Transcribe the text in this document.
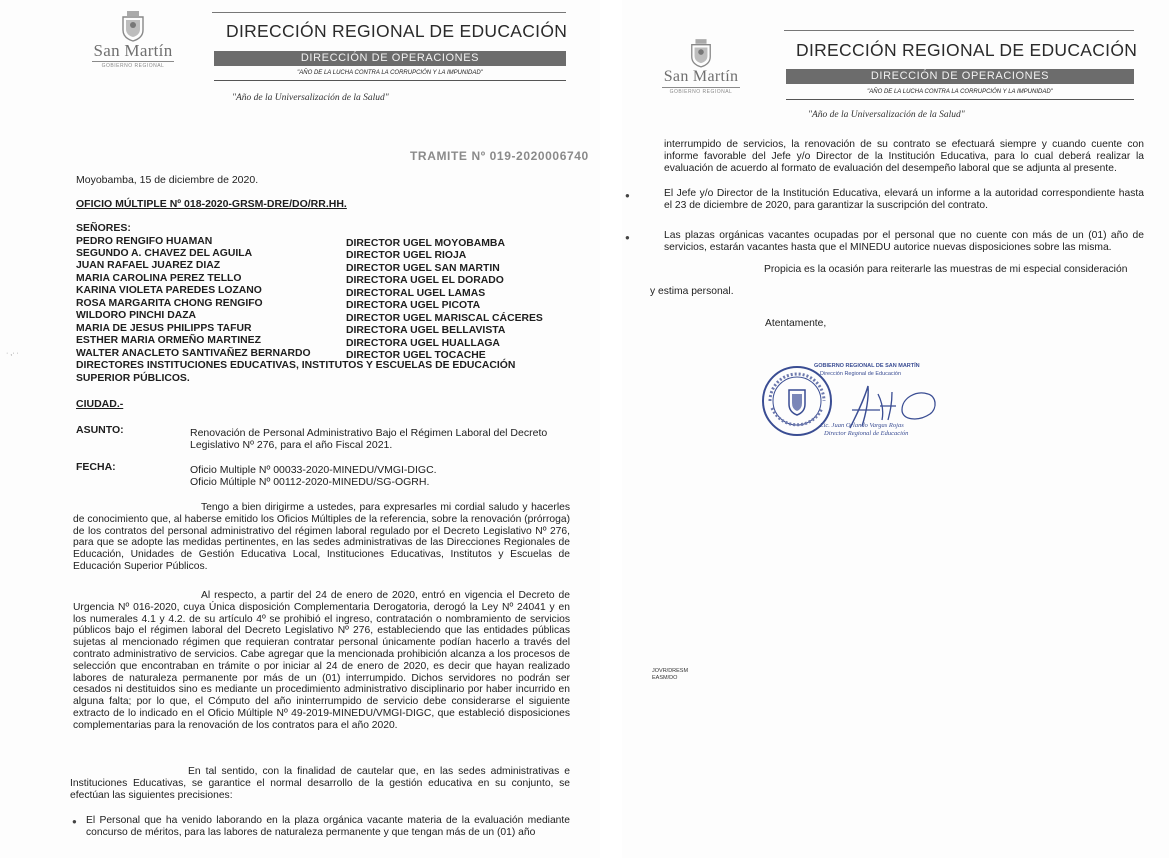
San Martín
GOBIERNO REGIONAL
DIRECCIÓN REGIONAL DE EDUCACIÓN
DIRECCIÓN DE OPERACIONES
"AÑO DE LA LUCHA CONTRA LA CORRUPCIÓN Y LA IMPUNIDAD"
"Año de la Universalización de la Salud"
TRAMITE Nº 019-2020006740
Moyobamba, 15 de diciembre de 2020.
OFICIO MÚLTIPLE Nº 018-2020-GRSM-DRE/DO/RR.HH.
SEÑORES:
PEDRO RENGIFO HUAMAN	DIRECTOR UGEL MOYOBAMBA
SEGUNDO A. CHAVEZ DEL AGUILA	DIRECTOR UGEL RIOJA
JUAN RAFAEL JUAREZ DIAZ	DIRECTOR UGEL SAN MARTIN
MARIA CAROLINA PEREZ TELLO	DIRECTORA UGEL EL DORADO
KARINA VIOLETA PAREDES LOZANO	DIRECTORAL UGEL LAMAS
ROSA MARGARITA CHONG RENGIFO	DIRECTORA UGEL PICOTA
WILDORO PINCHI DAZA	DIRECTOR UGEL MARISCAL CÁCERES
MARIA DE JESUS PHILIPPS TAFUR	DIRECTORA UGEL BELLAVISTA
ESTHER MARIA ORMEÑO MARTINEZ	DIRECTORA UGEL HUALLAGA
WALTER ANACLETO SANTIVAÑEZ BERNARDO	DIRECTOR UGEL TOCACHE
DIRECTORES INSTITUCIONES EDUCATIVAS, INSTITUTOS Y ESCUELAS DE EDUCACIÓN
SUPERIOR PÚBLICOS.
CIUDAD.-
ASUNTO:	Renovación de Personal Administrativo Bajo el Régimen Laboral del Decreto
Legislativo Nº 276, para el año Fiscal 2021.
FECHA:	Oficio Multiple Nº 00033-2020-MINEDU/VMGI-DIGC.
Oficio Múltiple Nº 00112-2020-MINEDU/SG-OGRH.
Tengo a bien dirigirme a ustedes, para expresarles mi cordial saludo y hacerles de conocimiento que, al haberse emitido los Oficios Múltiples de la referencia, sobre la renovación (prórroga) de los contratos del personal administrativo del régimen laboral regulado por el Decreto Legislativo Nº 276, para que se adopte las medidas pertinentes, en las sedes administrativas de las Direcciones Regionales de Educación, Unidades de Gestión Educativa Local, Instituciones Educativas, Institutos y Escuelas de Educación Superior Públicos.
Al respecto, a partir del 24 de enero de 2020, entró en vigencia el Decreto de Urgencia Nº 016-2020, cuya Única disposición Complementaria Derogatoria, derogó la Ley Nº 24041 y en los numerales 4.1 y 4.2. de su artículo 4º se prohibió el ingreso, contratación o nombramiento de servicios públicos bajo el régimen laboral del Decreto Legislativo Nº 276, estableciendo que las entidades públicas sujetas al mencionado régimen que requieran contratar personal únicamente podían hacerlo a través del contrato administrativo de servicios. Cabe agregar que la mencionada prohibición alcanza a los procesos de selección que encontraban en trámite o por iniciar al 24 de enero de 2020, es decir que hayan realizado labores de naturaleza permanente por más de un (01) interrumpido. Dichos servidores no podrán ser cesados ni destituidos sino es mediante un procedimiento administrativo disciplinario por haber incurrido en alguna falta; por lo que, el Cómputo del año ininterrumpido de servicio debe considerarse el siguiente extracto de lo indicado en el Oficio Múltiple Nº 49-2019-MINEDU/VMGI-DIGC, que estableció disposiciones complementarias para la renovación de los contratos para el año 2020.
En tal sentido, con la finalidad de cautelar que, en las sedes administrativas e Instituciones Educativas, se garantice el normal desarrollo de la gestión educativa en su conjunto, se efectúan las siguientes precisiones:
● El Personal que ha venido laborando en la plaza orgánica vacante materia de la evaluación mediante concurso de méritos, para las labores de naturaleza permanente y que tengan más de un (01) año
· ,· ·
San Martín
GOBIERNO REGIONAL
DIRECCIÓN REGIONAL DE EDUCACIÓN
DIRECCIÓN DE OPERACIONES
"AÑO DE LA LUCHA CONTRA LA CORRUPCIÓN Y LA IMPUNIDAD"
"Año de la Universalización de la Salud"
interrumpido de servicios, la renovación de su contrato se efectuará siempre y cuando cuente con informe favorable del Jefe y/o Director de la Institución Educativa, para lo cual deberá realizar la evaluación de acuerdo al formato de evaluación del desempeño laboral que se adjunta al presente.
●	El Jefe y/o Director de la Institución Educativa, elevará un informe a la autoridad correspondiente hasta el 23 de diciembre de 2020, para garantizar la suscripción del contrato.
●	Las plazas orgánicas vacantes ocupadas por el personal que no cuente con más de un (01) año de servicios, estarán vacantes hasta que el MINEDU autorice nuevas disposiciones sobre las misma.
Propicia es la ocasión para reiterarle las muestras de mi especial consideración
y estima personal.
Atentamente,
GOBIERNO REGIONAL DE SAN MARTÍN
Dirección Regional de Educación
Lic. Juan Orlando Vargas Rojas
Director Regional de Educación
JOVR/DRESM
EASM/DO
